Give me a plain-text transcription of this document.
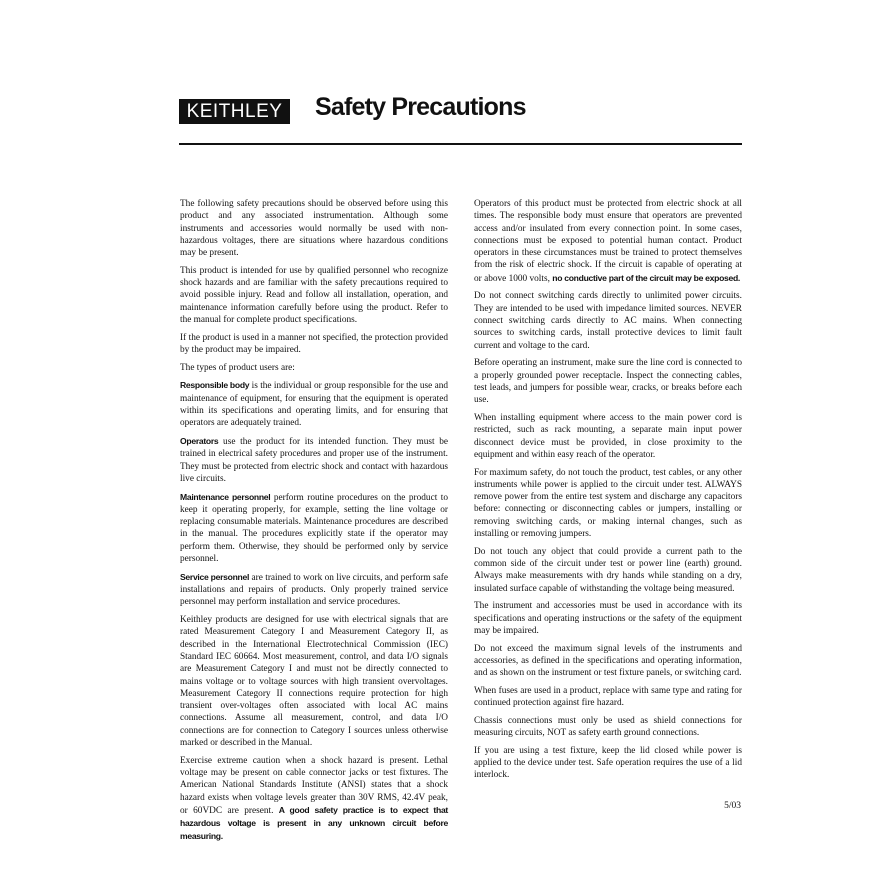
KEITHLEY	Safety Precautions

The following safety precautions should be observed before using this product and any associated instrumentation. Although some instruments and accessories would normally be used with non-hazardous voltages, there are situations where hazardous conditions may be present.

This product is intended for use by qualified personnel who recognize shock hazards and are familiar with the safety precautions required to avoid possible injury. Read and follow all installation, operation, and maintenance information carefully before using the product. Refer to the manual for complete product specifications.

If the product is used in a manner not specified, the protection provided by the product may be impaired.

The types of product users are:

Responsible body is the individual or group responsible for the use and maintenance of equipment, for ensuring that the equipment is operated within its specifications and operating limits, and for ensuring that operators are adequately trained.

Operators use the product for its intended function. They must be trained in electrical safety procedures and proper use of the instrument. They must be protected from electric shock and contact with hazardous live circuits.

Maintenance personnel perform routine procedures on the product to keep it operating properly, for example, setting the line voltage or replacing consumable materials. Maintenance procedures are described in the manual. The procedures explicitly state if the operator may perform them. Otherwise, they should be performed only by service personnel.

Service personnel are trained to work on live circuits, and perform safe installations and repairs of products. Only properly trained service personnel may perform installation and service procedures.

Keithley products are designed for use with electrical signals that are rated Measurement Category I and Measurement Category II, as described in the International Electrotechnical Commission (IEC) Standard IEC 60664. Most measurement, control, and data I/O signals are Measurement Category I and must not be directly connected to mains voltage or to voltage sources with high transient overvoltages. Measurement Category II connections require protection for high transient over-voltages often associated with local AC mains connections. Assume all measurement, control, and data I/O connections are for connection to Category I sources unless otherwise marked or described in the Manual.

Exercise extreme caution when a shock hazard is present. Lethal voltage may be present on cable connector jacks or test fixtures. The American National Standards Institute (ANSI) states that a shock hazard exists when voltage levels greater than 30V RMS, 42.4V peak, or 60VDC are present. A good safety practice is to expect that hazardous voltage is present in any unknown circuit before measuring.

Operators of this product must be protected from electric shock at all times. The responsible body must ensure that operators are prevented access and/or insulated from every connection point. In some cases, connections must be exposed to potential human contact. Product operators in these circumstances must be trained to protect themselves from the risk of electric shock. If the circuit is capable of operating at or above 1000 volts, no conductive part of the circuit may be exposed.

Do not connect switching cards directly to unlimited power circuits. They are intended to be used with impedance limited sources. NEVER connect switching cards directly to AC mains. When connecting sources to switching cards, install protective devices to limit fault current and voltage to the card.

Before operating an instrument, make sure the line cord is connected to a properly grounded power receptacle. Inspect the connecting cables, test leads, and jumpers for possible wear, cracks, or breaks before each use.

When installing equipment where access to the main power cord is restricted, such as rack mounting, a separate main input power disconnect device must be provided, in close proximity to the equipment and within easy reach of the operator.

For maximum safety, do not touch the product, test cables, or any other instruments while power is applied to the circuit under test. ALWAYS remove power from the entire test system and discharge any capacitors before: connecting or disconnecting cables or jumpers, installing or removing switching cards, or making internal changes, such as installing or removing jumpers.

Do not touch any object that could provide a current path to the common side of the circuit under test or power line (earth) ground. Always make measurements with dry hands while standing on a dry, insulated surface capable of withstanding the voltage being measured.

The instrument and accessories must be used in accordance with its specifications and operating instructions or the safety of the equipment may be impaired.

Do not exceed the maximum signal levels of the instruments and accessories, as defined in the specifications and operating information, and as shown on the instrument or test fixture panels, or switching card.

When fuses are used in a product, replace with same type and rating for continued protection against fire hazard.

Chassis connections must only be used as shield connections for measuring circuits, NOT as safety earth ground connections.

If you are using a test fixture, keep the lid closed while power is applied to the device under test. Safe operation requires the use of a lid interlock.

5/03
